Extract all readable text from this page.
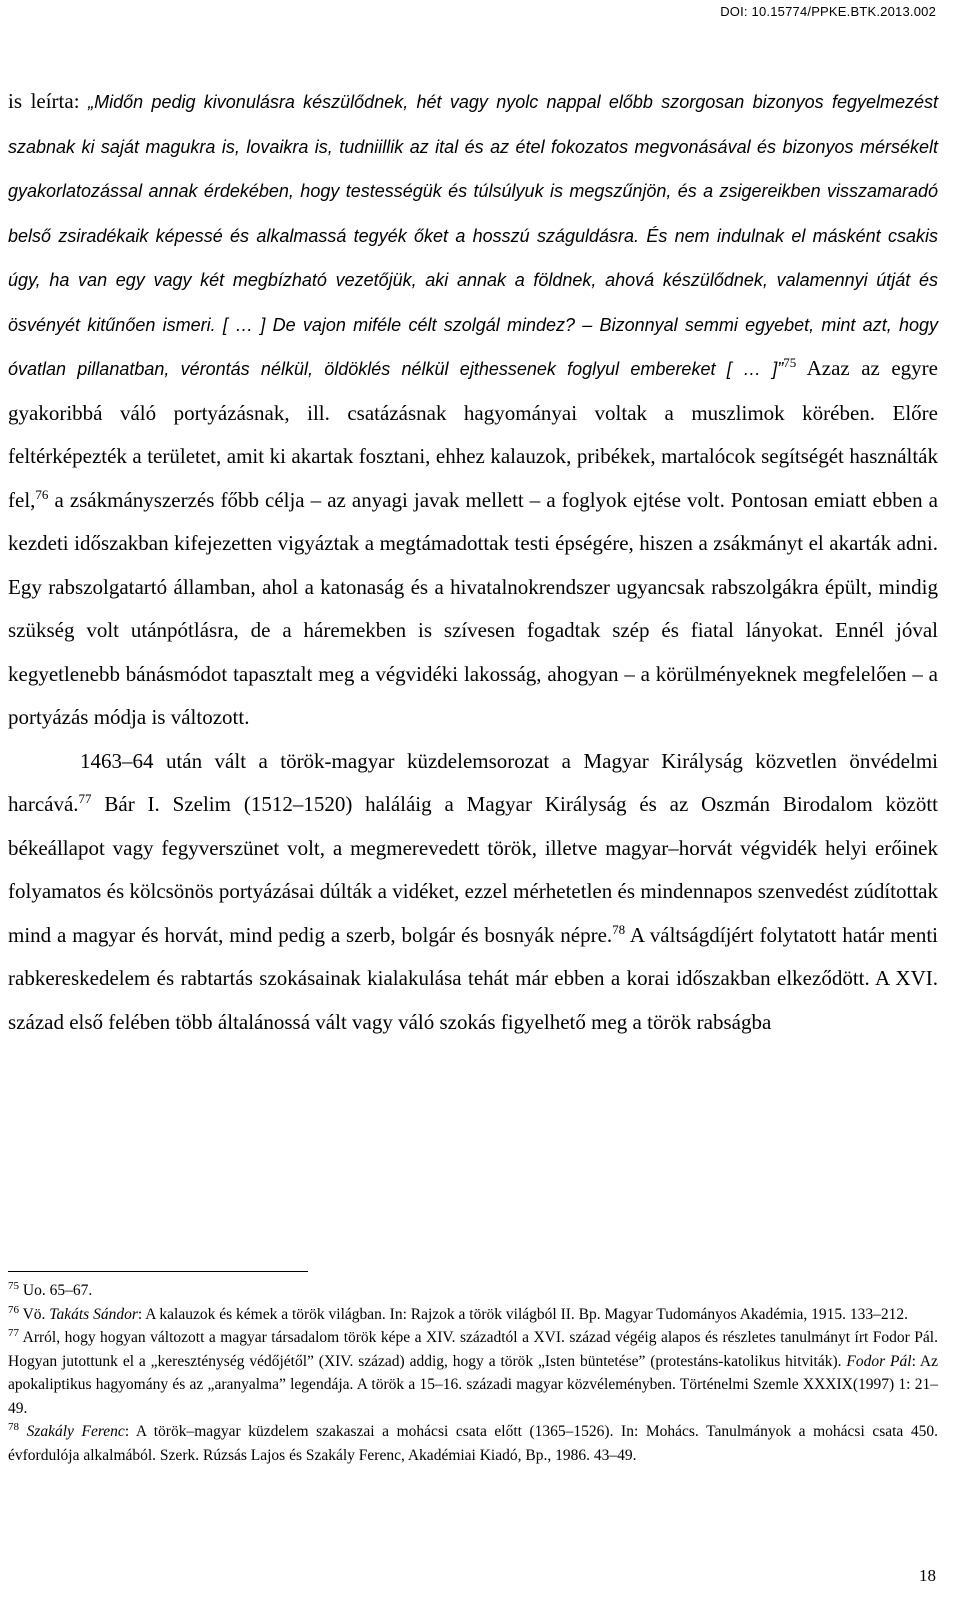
DOI: 10.15774/PPKE.BTK.2013.002

is leírta: „Midőn pedig kivonulásra készülődnek, hét vagy nyolc nappal előbb szorgosan bizonyos fegyelmezést szabnak ki saját magukra is, lovaikra is, tudniillik az ital és az étel fokozatos megvonásával és bizonyos mérsékelt gyakorlatozással annak érdekében, hogy testességük és túlsúlyuk is megszűnjön, és a zsigereikben visszamaradó belső zsiradékaik képessé és alkalmassá tegyék őket a hosszú száguldásra. És nem indulnak el másként csakis úgy, ha van egy vagy két megbízható vezetőjük, aki annak a földnek, ahová készülődnek, valamennyi útját és ösvényét kitűnően ismeri. [ … ] De vajon miféle célt szolgál mindez? – Bizonnyal semmi egyebet, mint azt, hogy óvatlan pillanatban, vérontás nélkül, öldöklés nélkül ejthessenek foglyul embereket [ … ]”$^{75}$ Azaz az egyre gyakoribbá váló portyázásnak, ill. csatázásnak hagyományai voltak a muszlimok körében. Előre feltérképezték a területet, amit ki akartak fosztani, ehhez kalauzok, pribékek, martalócok segítségét használták fel,$^{76}$ a zsákmányszerzés főbb célja – az anyagi javak mellett – a foglyok ejtése volt. Pontosan emiatt ebben a kezdeti időszakban kifejezetten vigyáztak a megtámadottak testi épségére, hiszen a zsákmányt el akarták adni. Egy rabszolgatartó államban, ahol a katonaság és a hivatalnokrendszer ugyancsak rabszolgákra épült, mindig szükség volt utánpótlásra, de a háremekben is szívesen fogadtak szép és fiatal lányokat. Ennél jóval kegyetlenebb bánásmódot tapasztalt meg a végvidéki lakosság, ahogyan – a körülményeknek megfelelően – a portyázás módja is változott.

1463–64 után vált a török-magyar küzdelemsorozat a Magyar Királyság közvetlen önvédelmi harcává.$^{77}$ Bár I. Szelim (1512–1520) haláláig a Magyar Királyság és az Oszmán Birodalom között békeállapot vagy fegyverszünet volt, a megmerevedett török, illetve magyar–horvát végvidék helyi erőinek folyamatos és kölcsönös portyázásai dúlták a vidéket, ezzel mérhetetlen és mindennapos szenvedést zúdítottak mind a magyar és horvát, mind pedig a szerb, bolgár és bosnyák népre.$^{78}$ A váltságdíjért folytatott határ menti rabkereskedelem és rabtartás szokásainak kialakulása tehát már ebben a korai időszakban elkeződött. A XVI. század első felében több általánossá vált vagy váló szokás figyelhető meg a török rabságba

$^{75}$ Uo. 65–67.

$^{76}$ Vö. Takáts Sándor: A kalauzok és kémek a török világban. In: Rajzok a török világból II. Bp. Magyar Tudományos Akadémia, 1915. 133–212.

$^{77}$ Arról, hogy hogyan változott a magyar társadalom török képe a XIV. századtól a XVI. század végéig alapos és részletes tanulmányt írt Fodor Pál. Hogyan jutottunk el a „kereszténység védőjétől” (XIV. század) addig, hogy a török „Isten büntetése” (protestáns-katolikus hitviták). Fodor Pál: Az apokaliptikus hagyomány és az „aranyalma” legendája. A török a 15–16. századi magyar közvéleményben. Történelmi Szemle XXXIX(1997) 1: 21–49.

$^{78}$ Szakály Ferenc: A török–magyar küzdelem szakaszai a mohácsi csata előtt (1365–1526). In: Mohács. Tanulmányok a mohácsi csata 450. évfordulója alkalmából. Szerk. Rúzsás Lajos és Szakály Ferenc, Akadémiai Kiadó, Bp., 1986. 43–49.

18
